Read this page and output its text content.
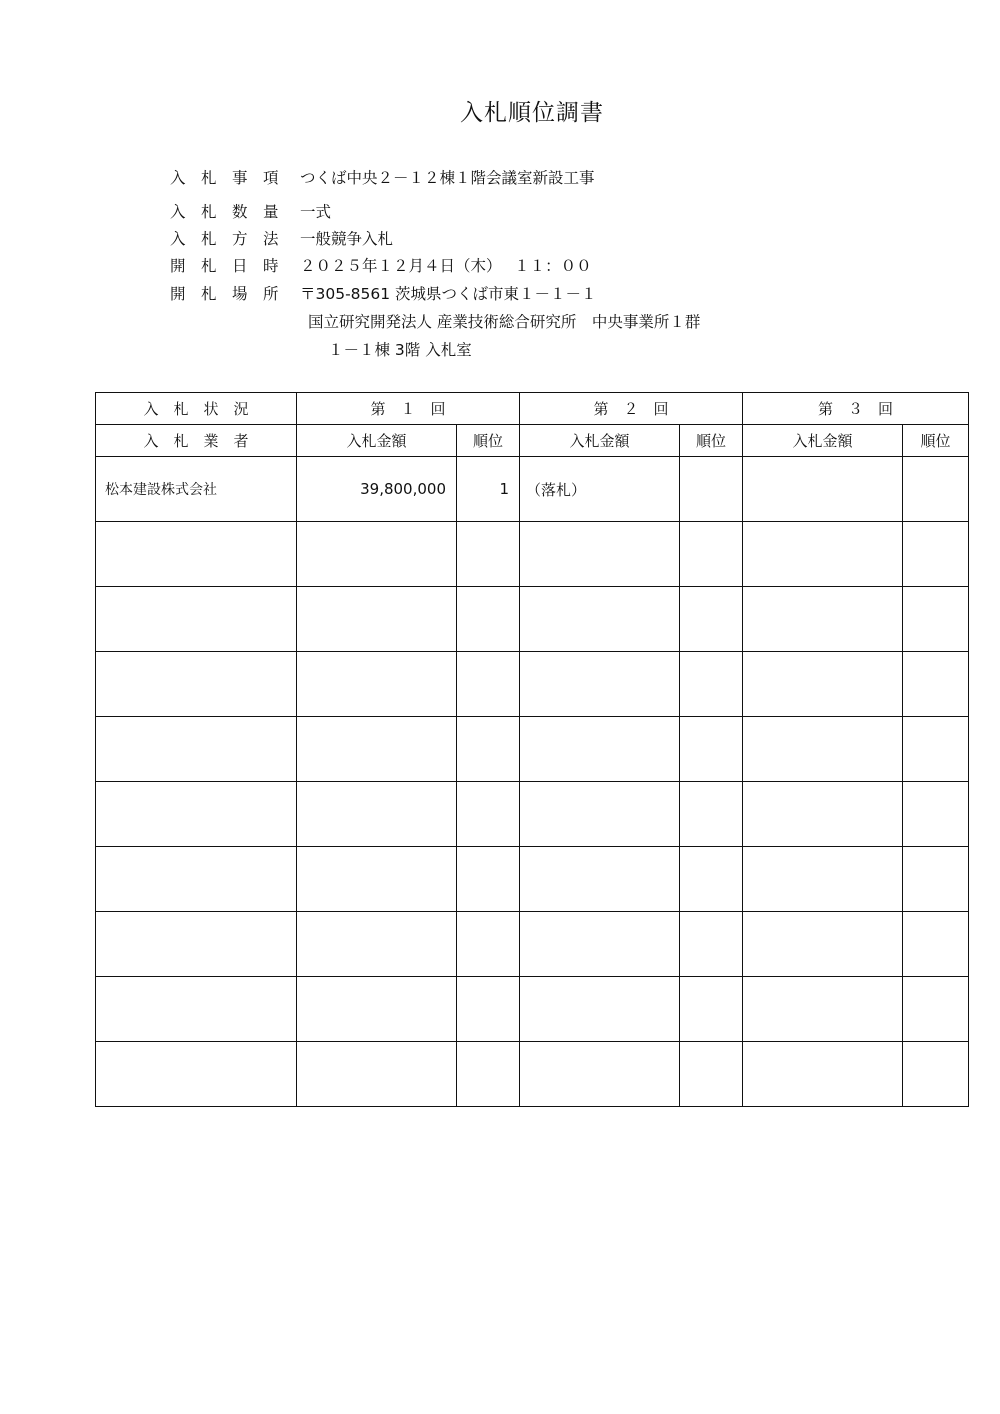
入札順位調書
入　札　事　項 つくば中央２－１２棟１階会議室新設工事
入　札　数　量 一式
入　札　方　法 一般競争入札
開　札　日　時 ２０２５年１２月４日（木）　 １１：００
開　札　場　所 〒305-8561 茨城県つくば市東１－１－１
国立研究開発法人 産業技術総合研究所　中央事業所１群
１－１棟 3階 入札室
入　札　状　況	第　１　回		第　２　回		第　３　回	
入　札　業　者	入札金額	順位	入札金額	順位	入札金額	順位
松本建設株式会社	39,800,000	1	（落札）			
